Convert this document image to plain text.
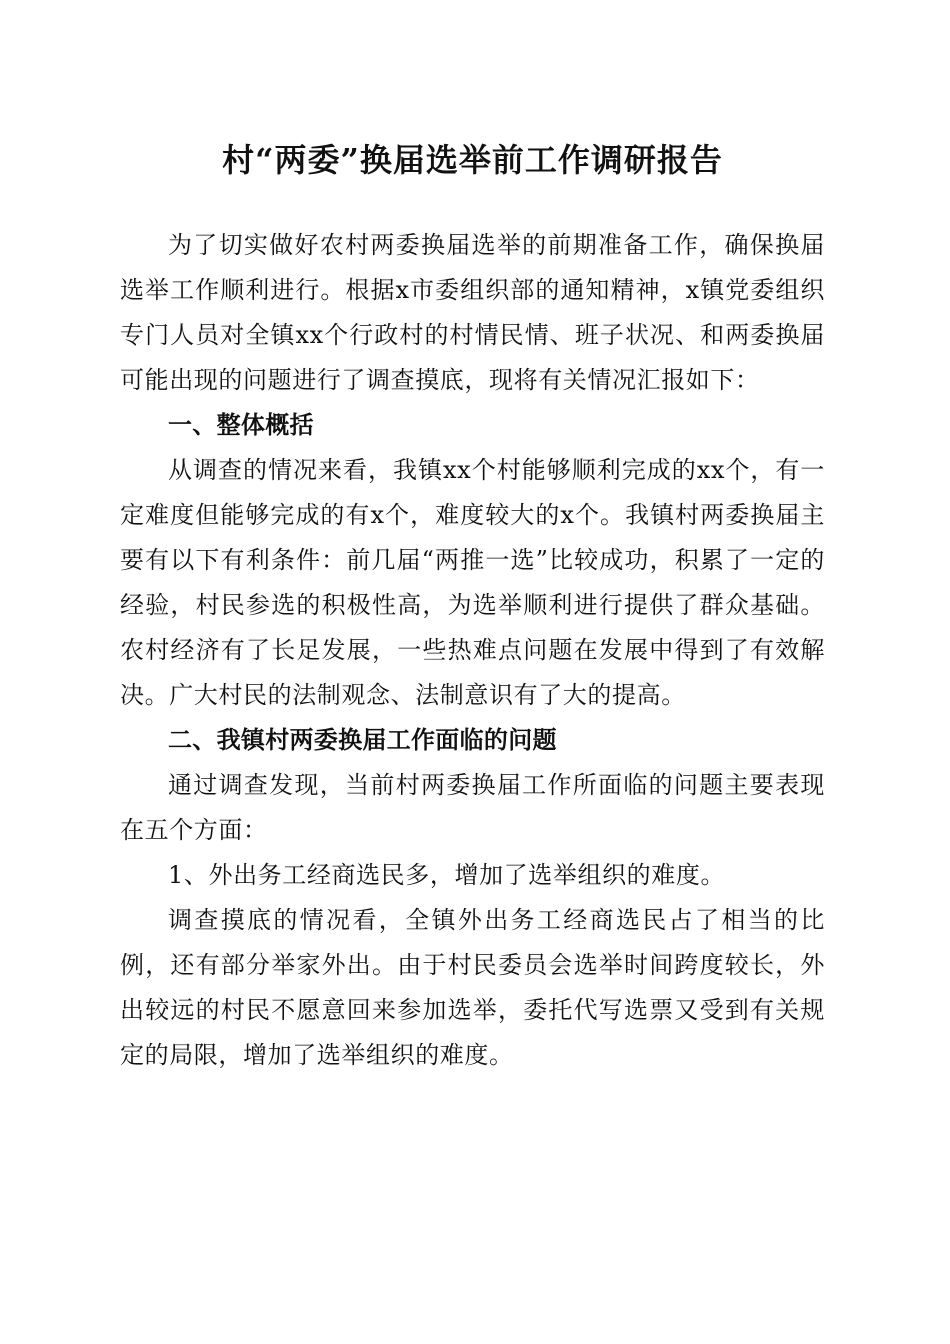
村“两委”换届选举前工作调研报告

为了切实做好农村两委换届选举的前期准备工作，确保换届选举工作顺利进行。根据x市委组织部的通知精神，x镇党委组织专门人员对全镇xx个行政村的村情民情、班子状况、和两委换届可能出现的问题进行了调查摸底，现将有关情况汇报如下：

一、整体概括

从调查的情况来看，我镇xx个村能够顺利完成的xx个，有一定难度但能够完成的有x个，难度较大的x个。我镇村两委换届主要有以下有利条件：前几届“两推一选”比较成功，积累了一定的经验，村民参选的积极性高，为选举顺利进行提供了群众基础。农村经济有了长足发展，一些热难点问题在发展中得到了有效解决。广大村民的法制观念、法制意识有了大的提高。

二、我镇村两委换届工作面临的问题

通过调查发现，当前村两委换届工作所面临的问题主要表现在五个方面：

1、外出务工经商选民多，增加了选举组织的难度。

调查摸底的情况看，全镇外出务工经商选民占了相当的比例，还有部分举家外出。由于村民委员会选举时间跨度较长，外出较远的村民不愿意回来参加选举，委托代写选票又受到有关规定的局限，增加了选举组织的难度。
